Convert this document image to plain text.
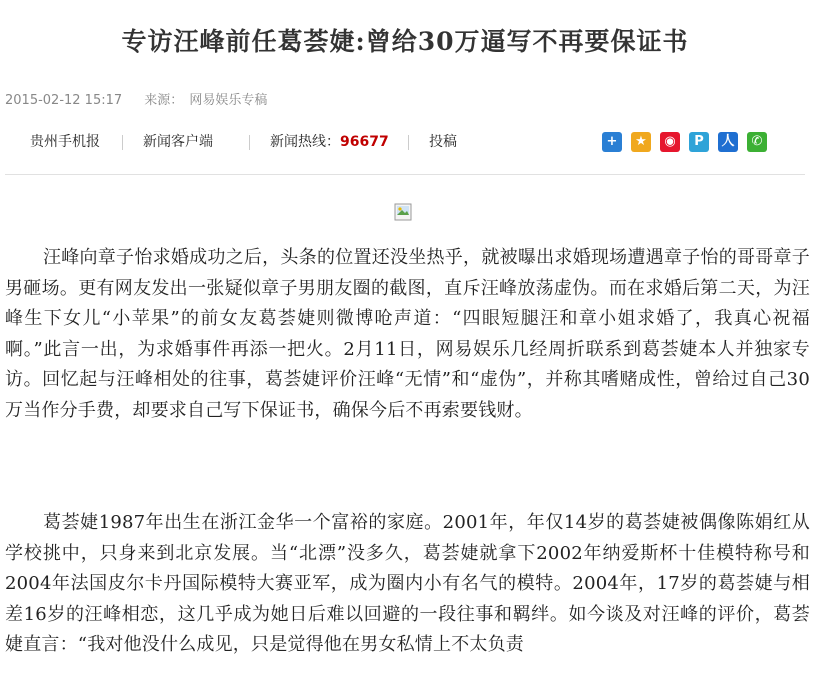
专访汪峰前任葛荟婕:曾给30万逼写不再要保证书
2015-02-12 15:17 来源： 网易娱乐专稿
贵州手机报	新闻客户端	新闻热线：96677	投稿	+	★	◉	P	人	✆

汪峰向章子怡求婚成功之后，头条的位置还没坐热乎，就被曝出求婚现场遭遇章子怡的哥哥章子男砸场。更有网友发出一张疑似章子男朋友圈的截图，直斥汪峰放荡虚伪。而在求婚后第二天，为汪峰生下女儿“小苹果”的前女友葛荟婕则微博呛声道：“四眼短腿汪和章小姐求婚了，我真心祝福啊。”此言一出，为求婚事件再添一把火。2月11日，网易娱乐几经周折联系到葛荟婕本人并独家专访。回忆起与汪峰相处的往事，葛荟婕评价汪峰“无情”和“虚伪”，并称其嗜赌成性，曾给过自己30万当作分手费，却要求自己写下保证书，确保今后不再索要钱财。

葛荟婕1987年出生在浙江金华一个富裕的家庭。2001年，年仅14岁的葛荟婕被偶像陈娟红从学校挑中，只身来到北京发展。当“北漂”没多久，葛荟婕就拿下2002年纳爱斯杯十佳模特称号和2004年法国皮尔卡丹国际模特大赛亚军，成为圈内小有名气的模特。2004年，17岁的葛荟婕与相差16岁的汪峰相恋，这几乎成为她日后难以回避的一段往事和羁绊。如今谈及对汪峰的评价，葛荟婕直言：“我对他没什么成见，只是觉得他在男女私情上不太负责
